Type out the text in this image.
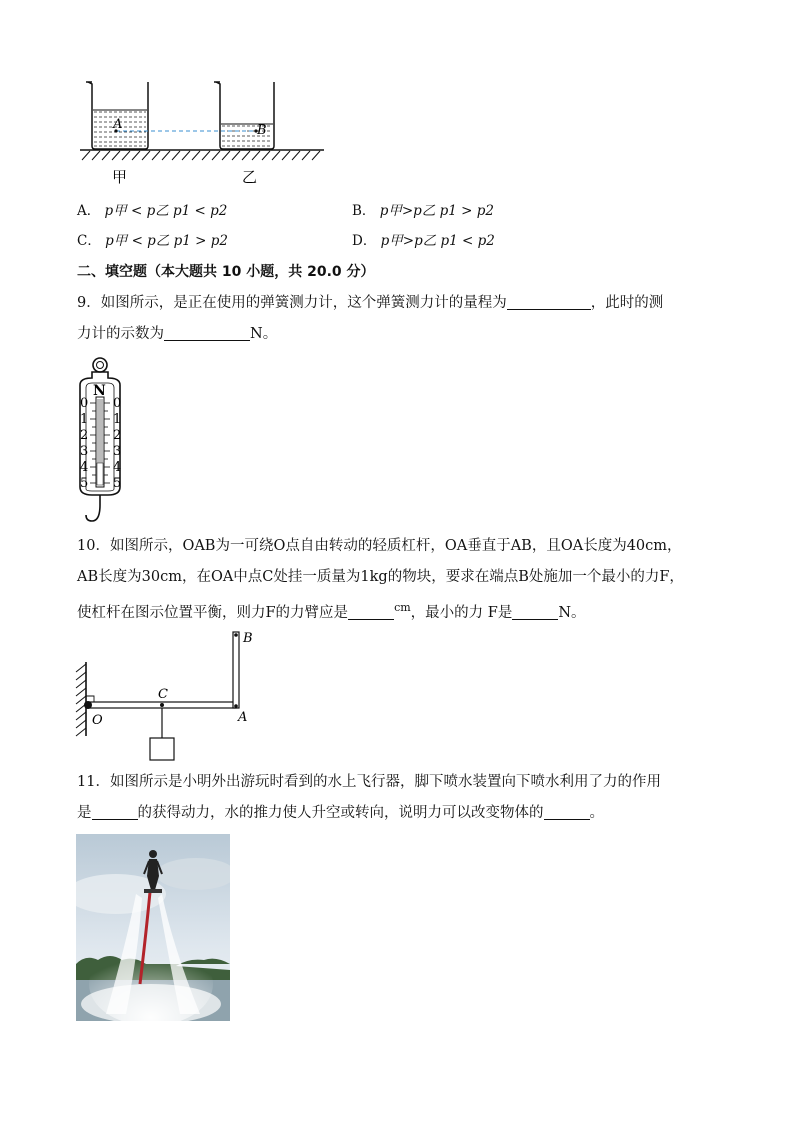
A	B
甲	乙
A． p甲 < p乙 p1 < p2	B． p甲>p乙 p1 > p2
C． p甲 < p乙 p1 > p2	D． p甲>p乙 p1 < p2
二、填空题（本大题共 10 小题，共 20.0 分）
9．如图所示，是正在使用的弹簧测力计，这个弹簧测力计的量程为	，此时的测
力计的示数为	N。
N
0
1
2
3
4
5
0
1
2
3
4
5
10．如图所示，OAB为一可绕O点自由转动的轻质杠杆，OA垂直于AB，且OA长度为40cm，
AB长度为30cm，在OA中点C处挂一质量为1kg的物块，要求在端点B处施加一个最小的力F，
使杠杆在图示位置平衡，则力F的力臂应是	$^{cm}$，最小的力 F是	N。
O	A
B
C
11．如图所示是小明外出游玩时看到的水上飞行器，脚下喷水装置向下喷水利用了力的作用
是	的获得动力，水的推力使人升空或转向，说明力可以改变物体的	。
